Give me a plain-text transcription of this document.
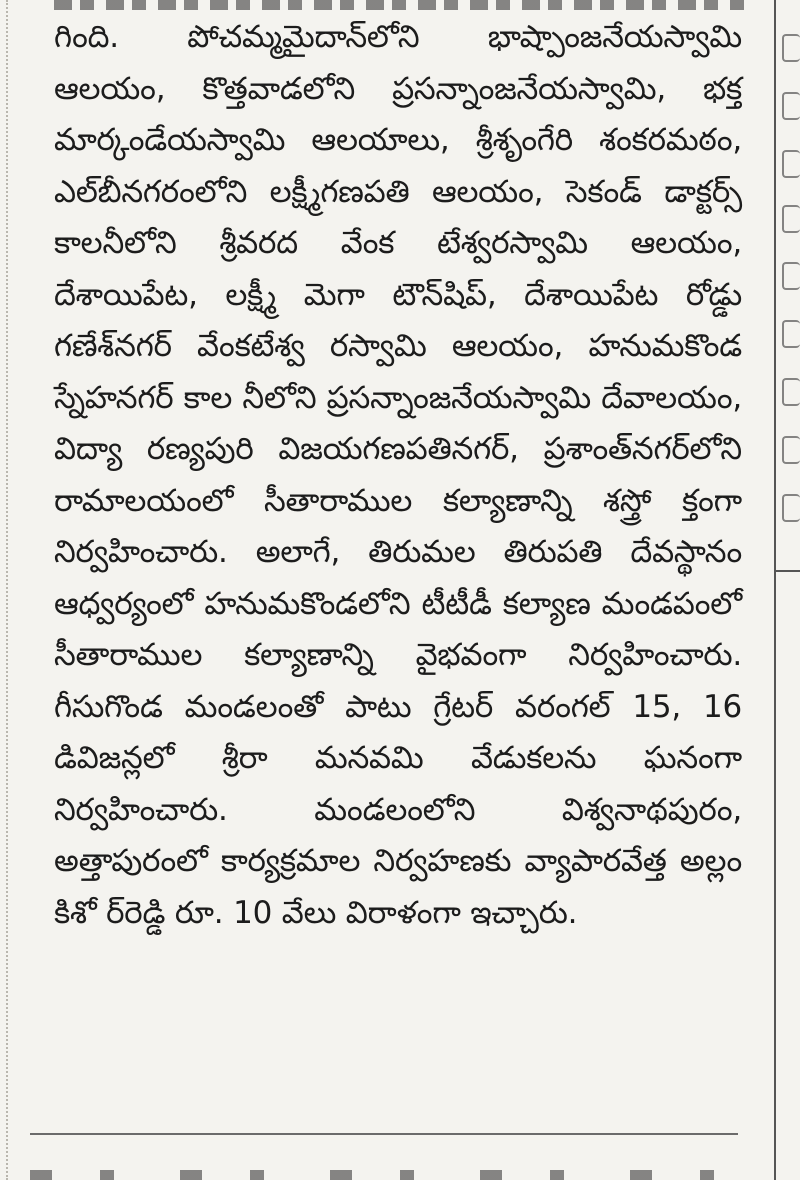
గింది. పోచమ్మమైదాన్‌లోని భాష్పాంజనేయస్వామి ఆలయం, కొత్తవాడలోని ప్రసన్నాంజనేయస్వామి, భక్త మార్కండేయస్వామి ఆలయాలు, శ్రీశృంగేరి శంకరమఠం, ఎల్‌బీనగరంలోని లక్ష్మీగణపతి ఆలయం, సెకండ్ డాక్టర్స్ కాలనీలోని శ్రీవరద వేంక టేశ్వరస్వామి ఆలయం, దేశాయిపేట, లక్ష్మీ మెగా టౌన్‌షిప్, దేశాయిపేట రోడ్డు గణేశ్‌నగర్ వేంకటేశ్వ రస్వామి ఆలయం, హనుమకొండ స్నేహనగర్ కాల నీలోని ప్రసన్నాంజనేయస్వామి దేవాలయం, విద్యా రణ్యపురి విజయగణపతినగర్, ప్రశాంత్‌నగర్‌లోని రామాలయంలో సీతారాముల కల్యాణాన్ని శస్త్రో క్తంగా నిర్వహించారు. అలాగే, తిరుమల తిరుపతి దేవస్థానం ఆధ్వర్యంలో హనుమకొండలోని టీటీడీ కల్యాణ మండపంలో సీతారాముల కల్యాణాన్ని వైభవంగా నిర్వహించారు. గీసుగొండ మండలంతో పాటు గ్రేటర్ వరంగల్ 15, 16 డివిజన్లలో శ్రీరా మనవమి వేడుకలను ఘనంగా నిర్వహించారు. మండలంలోని విశ్వనాథపురం, అత్తాపురంలో కార్యక్రమాల నిర్వహణకు వ్యాపారవేత్త అల్లం కిశో ర్‌రెడ్డి రూ. 10 వేలు విరాళంగా ఇచ్చారు.
